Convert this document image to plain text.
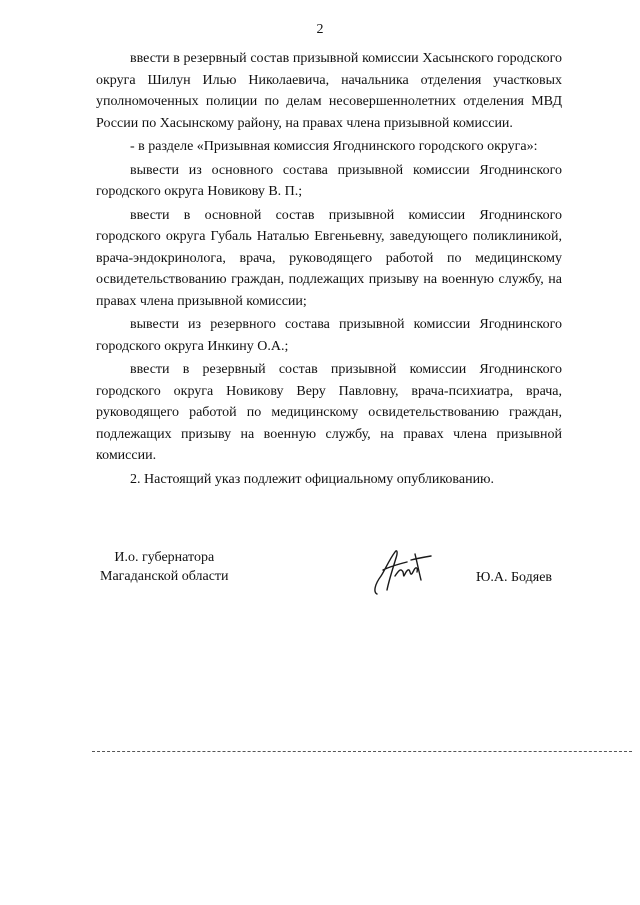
2

ввести в резервный состав призывной комиссии Хасынского городского округа Шилун Илью Николаевича, начальника отделения участковых уполномоченных полиции по делам несовершеннолетних отделения МВД России по Хасынскому району, на правах члена призывной комиссии.

- в разделе «Призывная комиссия Ягоднинского городского округа»:

вывести из основного состава призывной комиссии Ягоднинского городского округа Новикову В. П.;

ввести в основной состав призывной комиссии Ягоднинского городского округа Губаль Наталью Евгеньевну, заведующего поликлиникой, врача-эндокринолога, врача, руководящего работой по медицинскому освидетельствованию граждан, подлежащих призыву на военную службу, на правах члена призывной комиссии;

вывести из резервного состава призывной комиссии Ягоднинского городского округа Инкину О.А.;

ввести в резервный состав призывной комиссии Ягоднинского городского округа Новикову Веру Павловну, врача-психиатра, врача, руководящего работой по медицинскому освидетельствованию граждан, подлежащих призыву на военную службу, на правах члена призывной комиссии.

2. Настоящий указ подлежит официальному опубликованию.

И.о. губернатора
Магаданской области	Ю.А. Бодяев
